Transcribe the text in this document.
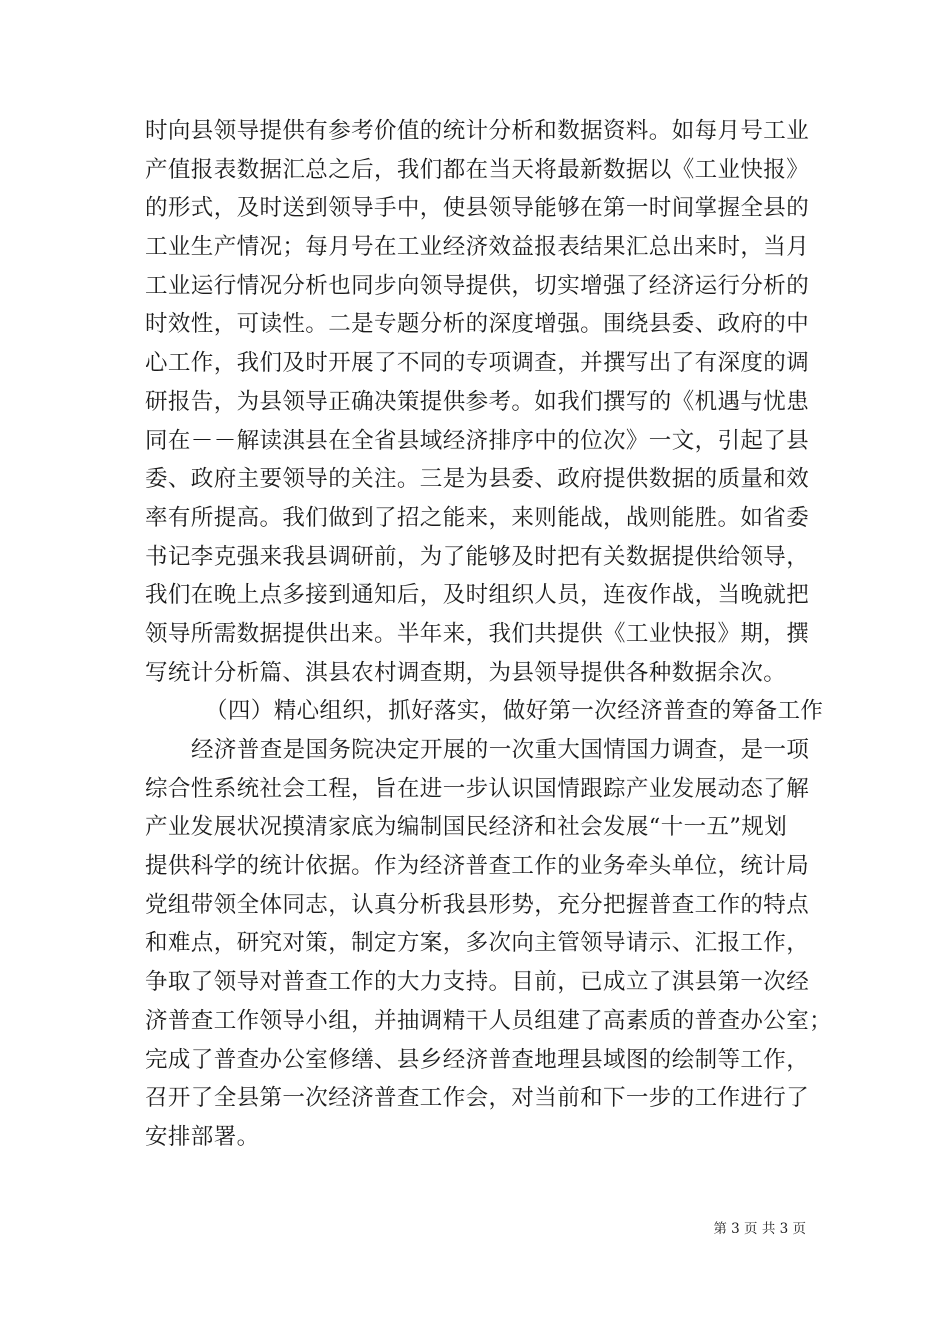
时向县领导提供有参考价值的统计分析和数据资料。如每月号工业
产值报表数据汇总之后，我们都在当天将最新数据以《工业快报》
的形式，及时送到领导手中，使县领导能够在第一时间掌握全县的
工业生产情况；每月号在工业经济效益报表结果汇总出来时，当月
工业运行情况分析也同步向领导提供，切实增强了经济运行分析的
时效性，可读性。二是专题分析的深度增强。围绕县委、政府的中
心工作，我们及时开展了不同的专项调查，并撰写出了有深度的调
研报告，为县领导正确决策提供参考。如我们撰写的《机遇与忧患
同在－－解读淇县在全省县域经济排序中的位次》一文，引起了县
委、政府主要领导的关注。三是为县委、政府提供数据的质量和效
率有所提高。我们做到了招之能来，来则能战，战则能胜。如省委
书记李克强来我县调研前，为了能够及时把有关数据提供给领导，
我们在晚上点多接到通知后，及时组织人员，连夜作战，当晚就把
领导所需数据提供出来。半年来，我们共提供《工业快报》期，撰
写统计分析篇、淇县农村调查期，为县领导提供各种数据余次。
（四）精心组织，抓好落实，做好第一次经济普查的筹备工作
经济普查是国务院决定开展的一次重大国情国力调查，是一项
综合性系统社会工程，旨在进一步认识国情跟踪产业发展动态了解
产业发展状况摸清家底为编制国民经济和社会发展“十一五”规划
提供科学的统计依据。作为经济普查工作的业务牵头单位，统计局
党组带领全体同志，认真分析我县形势，充分把握普查工作的特点
和难点，研究对策，制定方案，多次向主管领导请示、汇报工作，
争取了领导对普查工作的大力支持。目前，已成立了淇县第一次经
济普查工作领导小组，并抽调精干人员组建了高素质的普查办公室；
完成了普查办公室修缮、县乡经济普查地理县域图的绘制等工作，
召开了全县第一次经济普查工作会，对当前和下一步的工作进行了
安排部署。
第 3 页 共 3 页
